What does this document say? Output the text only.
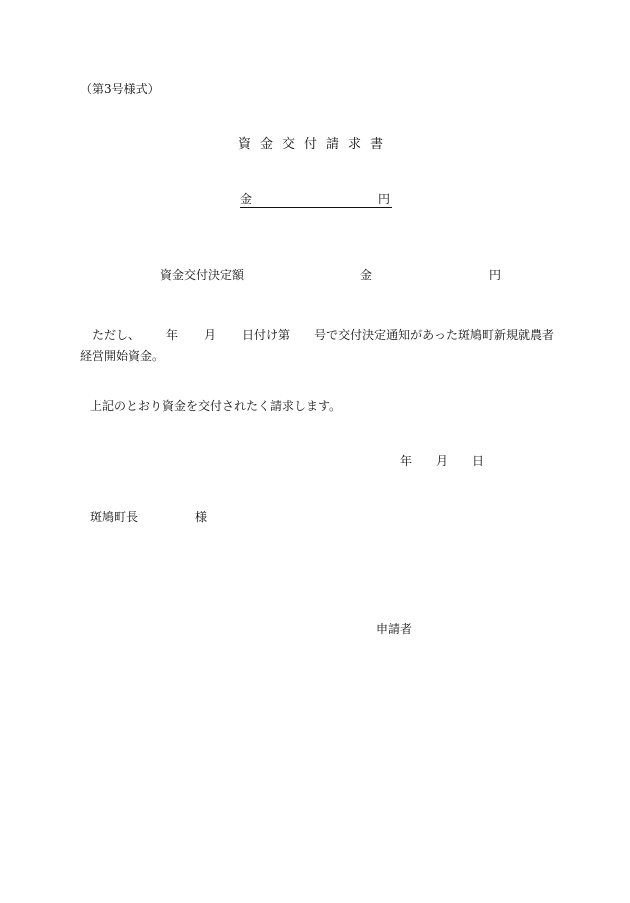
（第3号様式）
資 金 交 付 請 求 書
金	円
資金交付決定額	金	円
ただし、 年 月 日付け第 号で交付決定通知があった斑鳩町新規就農者経営開始資金。
上記のとおり資金を交付されたく請求します。
年 月 日
斑鳩町長	様
申請者
